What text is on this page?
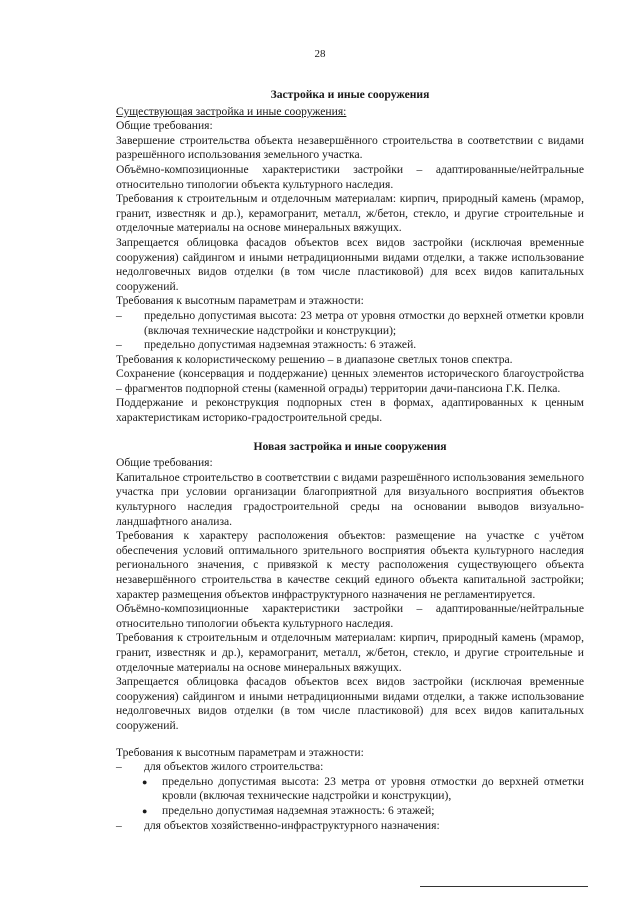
28

Застройка и иные сооружения

Существующая застройка и иные сооружения:

Общие требования:

Завершение строительства объекта незавершённого строительства в соответствии с видами разрешённого использования земельного участка.

Объёмно-композиционные характеристики застройки – адаптированные/нейтральные относительно типологии объекта культурного наследия.

Требования к строительным и отделочным материалам: кирпич, природный камень (мрамор, гранит, известняк и др.), керамогранит, металл, ж/бетон, стекло, и другие строительные и отделочные материалы на основе минеральных вяжущих.

Запрещается облицовка фасадов объектов всех видов застройки (исключая временные сооружения) сайдингом и иными нетрадиционными видами отделки, а также использование недолговечных видов отделки (в том числе пластиковой) для всех видов капитальных сооружений.

Требования к высотным параметрам и этажности:

– предельно допустимая высота: 23 метра от уровня отмостки до верхней отметки кровли (включая технические надстройки и конструкции);
– предельно допустимая надземная этажность: 6 этажей.

Требования к колористическому решению – в диапазоне светлых тонов спектра.

Сохранение (консервация и поддержание) ценных элементов исторического благоустройства – фрагментов подпорной стены (каменной ограды) территории дачи-пансиона Г.К. Пелка.

Поддержание и реконструкция подпорных стен в формах, адаптированных к ценным характеристикам историко-градостроительной среды.

Новая застройка и иные сооружения

Общие требования:

Капитальное строительство в соответствии с видами разрешённого использования земельного участка при условии организации благоприятной для визуального восприятия объектов культурного наследия градостроительной среды на основании выводов визуально-ландшафтного анализа.

Требования к характеру расположения объектов: размещение на участке с учётом обеспечения условий оптимального зрительного восприятия объекта культурного наследия регионального значения, с привязкой к месту расположения существующего объекта незавершённого строительства в качестве секций единого объекта капитальной застройки; характер размещения объектов инфраструктурного назначения не регламентируется.

Объёмно-композиционные характеристики застройки – адаптированные/нейтральные относительно типологии объекта культурного наследия.

Требования к строительным и отделочным материалам: кирпич, природный камень (мрамор, гранит, известняк и др.), керамогранит, металл, ж/бетон, стекло, и другие строительные и отделочные материалы на основе минеральных вяжущих.

Запрещается облицовка фасадов объектов всех видов застройки (исключая временные сооружения) сайдингом и иными нетрадиционными видами отделки, а также использование недолговечных видов отделки (в том числе пластиковой) для всех видов капитальных сооружений.

Требования к высотным параметрам и этажности:

– для объектов жилого строительства:
● предельно допустимая высота: 23 метра от уровня отмостки до верхней отметки кровли (включая технические надстройки и конструкции),
● предельно допустимая надземная этажность: 6 этажей;
– для объектов хозяйственно-инфраструктурного назначения:
